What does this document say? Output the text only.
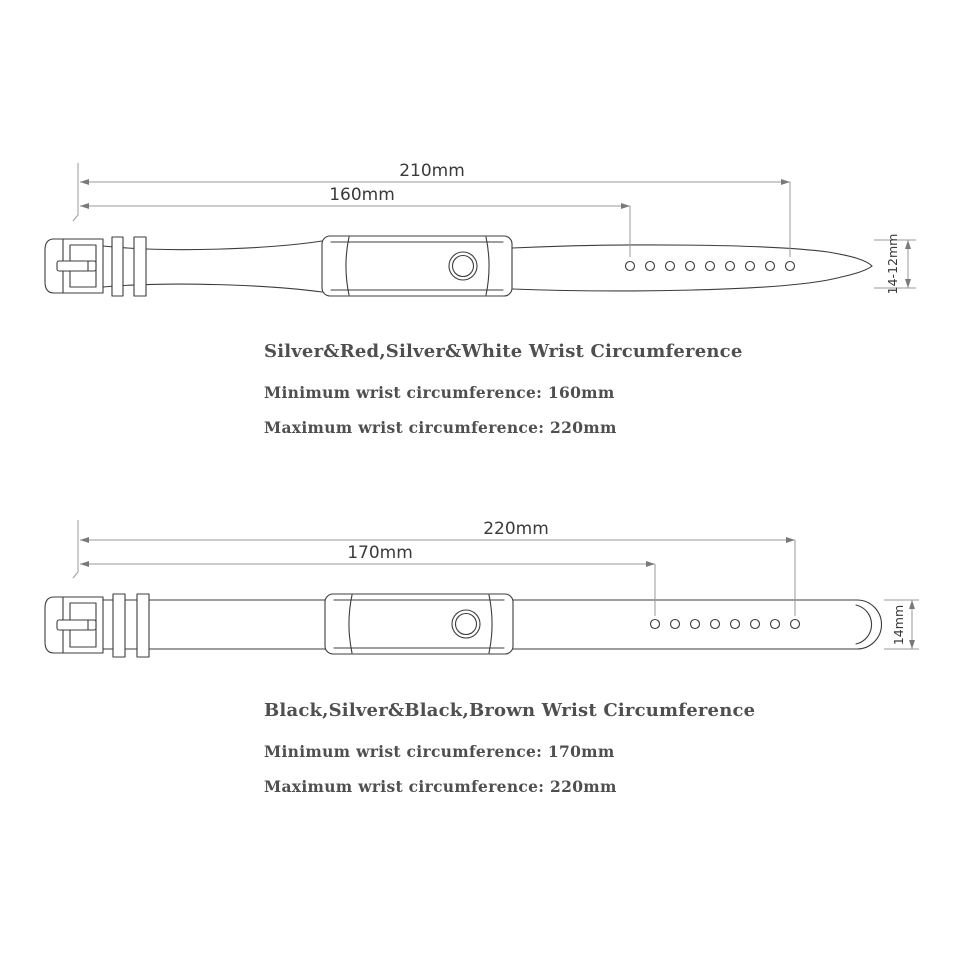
210mm
160mm
14-12mm
220mm
170mm
14mm
Silver&Red,Silver&White Wrist Circumference

Minimum wrist circumference: 160mm

Maximum wrist circumference: 220mm

Black,Silver&Black,Brown Wrist Circumference

Minimum wrist circumference: 170mm

Maximum wrist circumference: 220mm
